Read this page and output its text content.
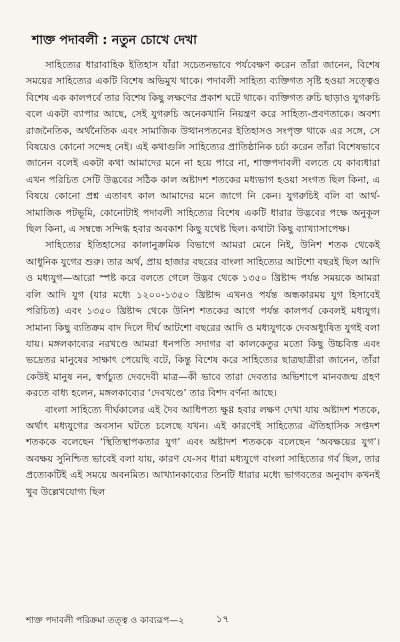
শাক্ত পদাবলী : নতুন চোখে দেখা

সাহিত্যের ধারাবাহিক ইতিহাস যাঁরা সচেতনভাবে পর্যবেক্ষণ করেন তাঁরা জানেন, বিশেষ সময়ের সাহিত্যের একটি বিশেষ অভিমুখ থাকে। পদাবলী সাহিত্য ব্যক্তিগত সৃষ্টি হওয়া সত্ত্বেও বিশেষ এক কালপর্বে তার বিশেষ কিছু লক্ষণের প্রকাশ ঘটে থাকে। ব্যক্তিগত রুচি ছাড়াও যুগরুচি বলে একটা ব্যাপার আছে, সেই যুগরুচি অনেকখানি নিয়ন্ত্রণ করে সাহিত্য-প্রবণতাকে। অবশ্য রাজনৈতিক, অর্থনৈতিক এবং সামাজিক উত্থানপতনের ইতিহাসও সংপৃক্ত থাকে এর সঙ্গে, সে বিষয়েও কোনো সন্দেহ নেই। এই কথাগুলি সাহিত্যের প্রাতিষ্ঠানিক চর্চা করেন তাঁরা বিশেষভাবে জানেন বলেই একটা কথা আমাদের মনে না হয়ে পারে না, শাক্তপদাবলী বলতে যে কাব্যধারা এখন পরিচিত সেটি উদ্ভবের সঠিক কাল অষ্টাদশ শতকের মধ্যভাগ হওয়া সংগত ছিল কিনা, এ বিষয়ে কোনো প্রশ্ন এতাবৎ কাল আমাদের মনে জাগে নি কেন। যুগরুচিই বলি বা আর্থ-সামাজিক পটভূমি, কোনোটাই পদাবলী সাহিত্যের বিশেষ একটি ধারার উদ্ভবের পক্ষে অনুকূল ছিল কিনা, এ সম্বন্ধে সন্দিগ্ধ হবার অবকাশ কিছু যথেষ্ট ছিল। কথাটা কিছু ব্যাখ্যাসাপেক্ষ।

সাহিত্যের ইতিহাসের কালানুক্রমিক বিভাগে আমরা মেনে নিই, উনিশ শতক থেকেই আধুনিক যুগের শুরু। তার অর্থ, প্রায় হাজার বছরের বাংলা সাহিত্যের আটশো বছরই ছিল আদি ও মধ্যযুগ—আরো স্পষ্ট করে বলতে গেলে উদ্ভব থেকে ১৩৫০ খ্রিষ্টাব্দ পর্যন্ত সময়কে আমরা বলি আদি যুগ (যার মধ্যে ১২০০-১৩৫০ খ্রিষ্টাব্দ এখনও পর্যন্ত অন্ধকারময় যুগ হিসাবেই পরিচিত) এবং ১৩৫০ খ্রিষ্টাব্দ থেকে উনিশ শতকের আগে পর্যন্ত কালপর্ব কেবলই মধ্যযুগ। সামান্য কিছু ব্যতিক্রম বাদ দিলে দীর্ঘ আটশো বছরের আদি ও মধ্যযুগকে দেবঅধ্যুষিত যুগই বলা যায়। মঙ্গলকাব্যের নরখণ্ডে আমরা ধনপতি সদাগর বা কালকেতুর মতো কিছু উচ্চবিত্ত এবং ভদ্রেতর মানুষের সাক্ষাৎ পেয়েছি বটে, কিন্তু বিশেষ করে সাহিত্যের ছাত্রছাত্রীরা জানেন, তাঁরা কেউই মানুষ নন, স্বর্গচ্যুত দেবদেবী মাত্র—কী ভাবে তারা দেবতার অভিশাপে মানবজন্ম গ্রহণ করতে বাধ্য হলেন, মঙ্গলকাব্যের ‘দেবখণ্ডে’ তার বিশদ বর্ণনা আছে।

বাংলা সাহিত্যে দীর্ঘকালের এই দৈব আধিপত্য ক্ষুণ্ণ হবার লক্ষণ দেখা যায় অষ্টাদশ শতকে, অর্থাৎ মধ্যযুগের অবসান ঘটতে চলেছে যখন। এই কারণেই সাহিত্যের ঐতিহাসিক সপ্তদশ শতককে বলেছেন ‘স্থিতিস্থাপকতার যুগ’ এবং অষ্টাদশ শতককে বলেছেন ‘অবক্ষয়ের যুগ’। অবক্ষয় সুনিশ্চিত ভাবেই বলা যায়, কারণ যে-সব ধারা মধ্যযুগে বাংলা সাহিত্যের গর্ব ছিল, তার প্রত্যেকটিই এই সময়ে অবনমিত। আখ্যানকাব্যের তিনটি ধারার মধ্যে ভাগবতের অনুবাদ কখনই খুব উল্লেখযোগ্য ছিল

শাক্ত পদাবলী পরিক্রমা তত্ত্ব ও কাব্যরূপ—২	১৭
